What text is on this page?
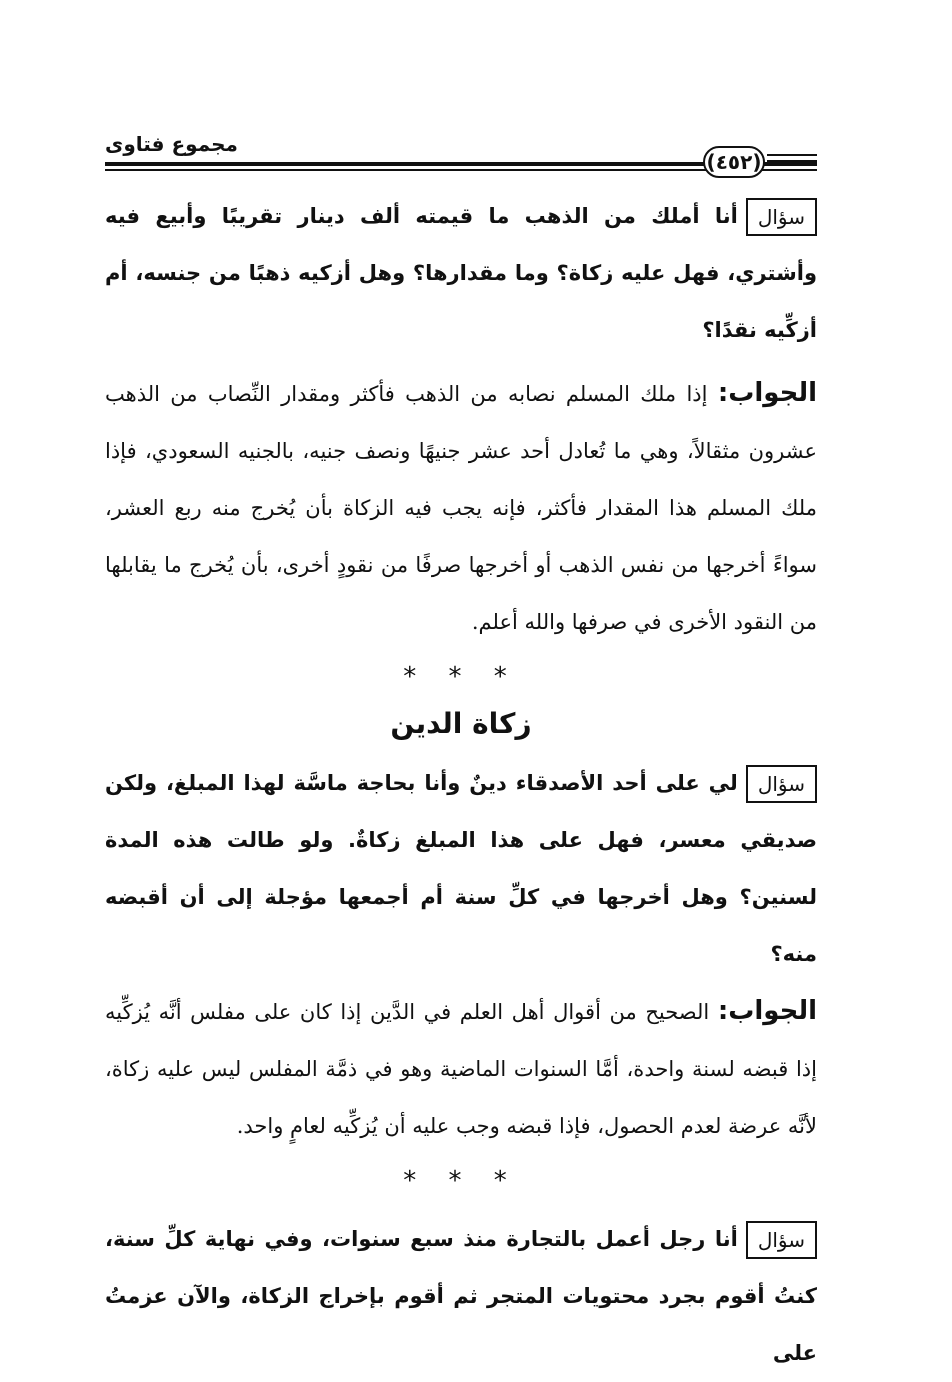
مجموع فتاوى
(٤٥٢)

سؤالأنا أملك من الذهب ما قيمته ألف دينار تقريبًا وأبيع فيه وأشتري، فهل عليه زكاة؟ وما مقدارها؟ وهل أزكيه ذهبًا من جنسه، أم أزكِّيه نقدًا؟

الجواب: إذا ملك المسلم نصابه من الذهب فأكثر ومقدار النِّصاب من الذهب عشرون مثقالاً، وهي ما تُعادل أحد عشر جنيهًا ونصف جنيه، بالجنيه السعودي، فإذا ملك المسلم هذا المقدار فأكثر، فإنه يجب فيه الزكاة بأن يُخرج منه ربع العشر، سواءً أخرجها من نفس الذهب أو أخرجها صرفًا من نقودٍ أخرى، بأن يُخرج ما يقابلها من النقود الأخرى في صرفها والله أعلم.

* * *
زكاة الدين

سؤاللي على أحد الأصدقاء دينٌ وأنا بحاجة ماسَّة لهذا المبلغ، ولكن صديقي معسر، فهل على هذا المبلغ زكاةٌ. ولو طالت هذه المدة لسنين؟ وهل أخرجها في كلِّ سنة أم أجمعها مؤجلة إلى أن أقبضه منه؟

الجواب: الصحيح من أقوال أهل العلم في الدَّين إذا كان على مفلس أنَّه يُزكِّيه إذا قبضه لسنة واحدة، أمَّا السنوات الماضية وهو في ذمَّة المفلس ليس عليه زكاة، لأنَّه عرضة لعدم الحصول، فإذا قبضه وجب عليه أن يُزكِّيه لعامٍ واحد.

* * *

سؤالأنا رجل أعمل بالتجارة منذ سبع سنوات، وفي نهاية كلِّ سنة، كنتُ أقوم بجرد محتويات المتجر ثم أقوم بإخراج الزكاة، والآن عزمتُ على
